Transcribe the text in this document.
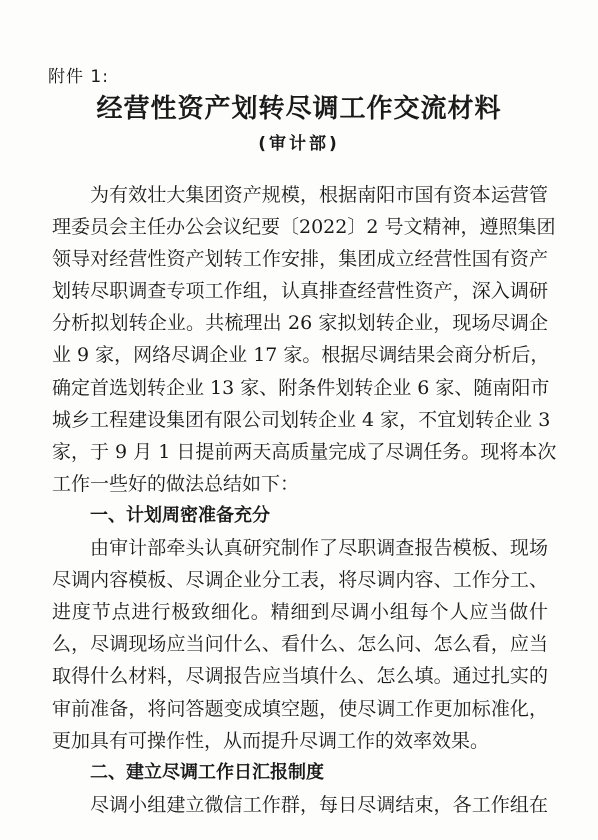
附件 1:
经营性资产划转尽调工作交流材料
(审计部)
为有效壮大集团资产规模，根据南阳市国有资本运营管
理委员会主任办公会议纪要〔2022〕2 号文精神，遵照集团
领导对经营性资产划转工作安排，集团成立经营性国有资产
划转尽职调查专项工作组，认真排查经营性资产，深入调研
分析拟划转企业。共梳理出 26 家拟划转企业，现场尽调企
业 9 家，网络尽调企业 17 家。根据尽调结果会商分析后，
确定首选划转企业 13 家、附条件划转企业 6 家、随南阳市
城乡工程建设集团有限公司划转企业 4 家，不宜划转企业 3
家，于 9 月 1 日提前两天高质量完成了尽调任务。现将本次
工作一些好的做法总结如下：
一、计划周密准备充分
由审计部牵头认真研究制作了尽职调查报告模板、现场
尽调内容模板、尽调企业分工表，将尽调内容、工作分工、
进度节点进行极致细化。精细到尽调小组每个人应当做什
么，尽调现场应当问什么、看什么、怎么问、怎么看，应当
取得什么材料，尽调报告应当填什么、怎么填。通过扎实的
审前准备，将问答题变成填空题，使尽调工作更加标准化，
更加具有可操作性，从而提升尽调工作的效率效果。
二、建立尽调工作日汇报制度
尽调小组建立微信工作群，每日尽调结束，各工作组在
